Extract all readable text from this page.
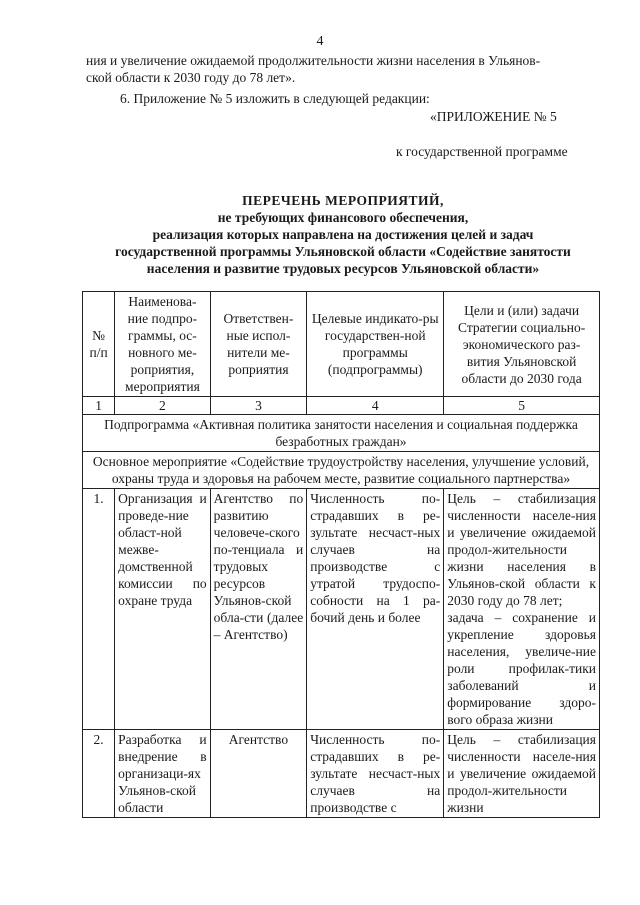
4

ния и увеличение ожидаемой продолжительности жизни населения в Ульянов-
ской области к 2030 году до 78 лет».

6. Приложение № 5 изложить в следующей редакции:

«ПРИЛОЖЕНИЕ № 5

к государственной программе

ПЕРЕЧЕНЬ МЕРОПРИЯТИЙ,
не требующих финансового обеспечения,
реализация которых направлена на достижения целей и задач
государственной программы Ульяновской области «Содействие занятости
населения и развитие трудовых ресурсов Ульяновской области»
№ п/п	Наименова-ние подпро-граммы, ос-новного ме-роприятия, мероприятия	Ответствен-ные испол-нители ме-роприятия	Целевые индикато-ры государствен-ной программы (подпрограммы)	Цели и (или) задачи Стратегии социально-экономического раз-вития Ульяновской области до 2030 года
1	2	3	4	5
Подпрограмма «Активная политика занятости населения и социальная поддержка безработных граждан»				
Основное мероприятие «Содействие трудоустройству населения, улучшение условий, охраны труда и здоровья на рабочем месте, развитие социального партнерства»				
1.	Организация и проведе-ние област-ной межве-домственной комиссии по охране труда	Агентство по развитию человече-ского по-тенциала и трудовых ресурсов Ульянов-ской обла-сти (далее – Агентство)	Численность по-страдавших в ре-зультате несчаст-ных случаев на производстве с утратой трудоспо-собности на 1 ра-бочий день и более	Цель – стабилизация численности населе-ния и увеличение ожидаемой продол-жительности жизни населения в Ульянов-ской области к 2030 году до 78 лет;
задача – сохранение и укрепление здоровья населения, увеличе-ние роли профилак-тики заболеваний и формирование здоро-вого образа жизни

2.	Разработка и внедрение в организаци-ях Ульянов-ской области	Агентство	Численность по-страдавших в ре-зультате несчаст-ных случаев на производстве с	Цель – стабилизация численности населе-ния и увеличение ожидаемой продол-жительности жизни
